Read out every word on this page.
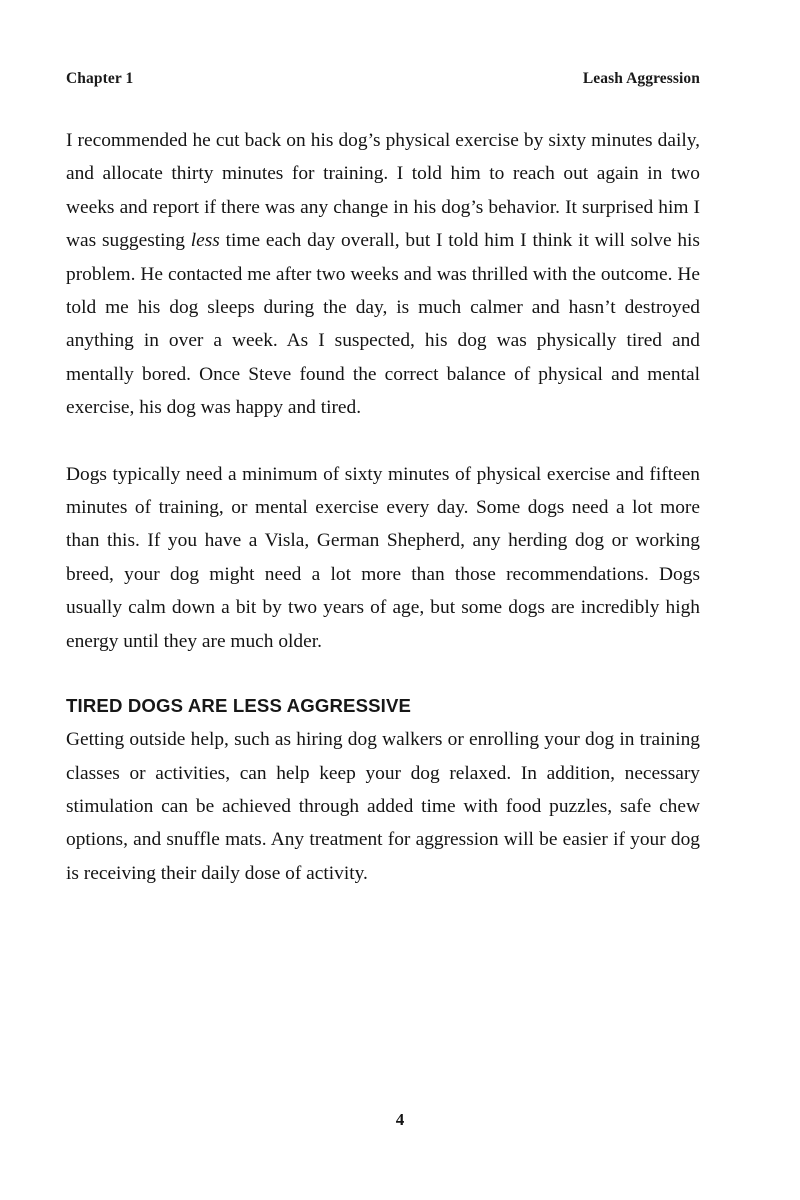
Chapter 1	Leash Aggression

I recommended he cut back on his dog’s physical exercise by sixty minutes daily, and allocate thirty minutes for training. I told him to reach out again in two weeks and report if there was any change in his dog’s behavior. It surprised him I was suggesting less time each day overall, but I told him I think it will solve his problem. He contacted me after two weeks and was thrilled with the outcome. He told me his dog sleeps during the day, is much calmer and hasn’t destroyed anything in over a week. As I suspected, his dog was physically tired and mentally bored. Once Steve found the correct balance of physical and mental exercise, his dog was happy and tired.

Dogs typically need a minimum of sixty minutes of physical exercise and fifteen minutes of training, or mental exercise every day. Some dogs need a lot more than this. If you have a Visla, German Shepherd, any herding dog or working breed, your dog might need a lot more than those recommendations. Dogs usually calm down a bit by two years of age, but some dogs are incredibly high energy until they are much older.

TIRED DOGS ARE LESS AGGRESSIVE

Getting outside help, such as hiring dog walkers or enrolling your dog in training classes or activities, can help keep your dog relaxed. In addition, necessary stimulation can be achieved through added time with food puzzles, safe chew options, and snuffle mats. Any treatment for aggression will be easier if your dog is receiving their daily dose of activity.

4
